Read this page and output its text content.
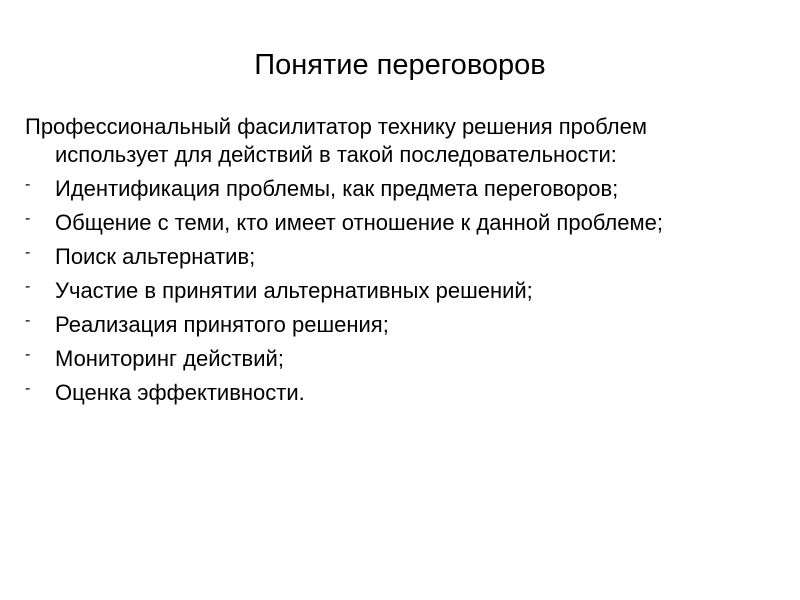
Понятие переговоров

Профессиональный фасилитатор технику решения проблем использует для действий в такой последовательности:

- Идентификация проблемы, как предмета переговоров;
- Общение с теми, кто имеет отношение к данной проблеме;
- Поиск альтернатив;
- Участие в принятии альтернативных решений;
- Реализация принятого решения;
- Мониторинг действий;
- Оценка эффективности.
